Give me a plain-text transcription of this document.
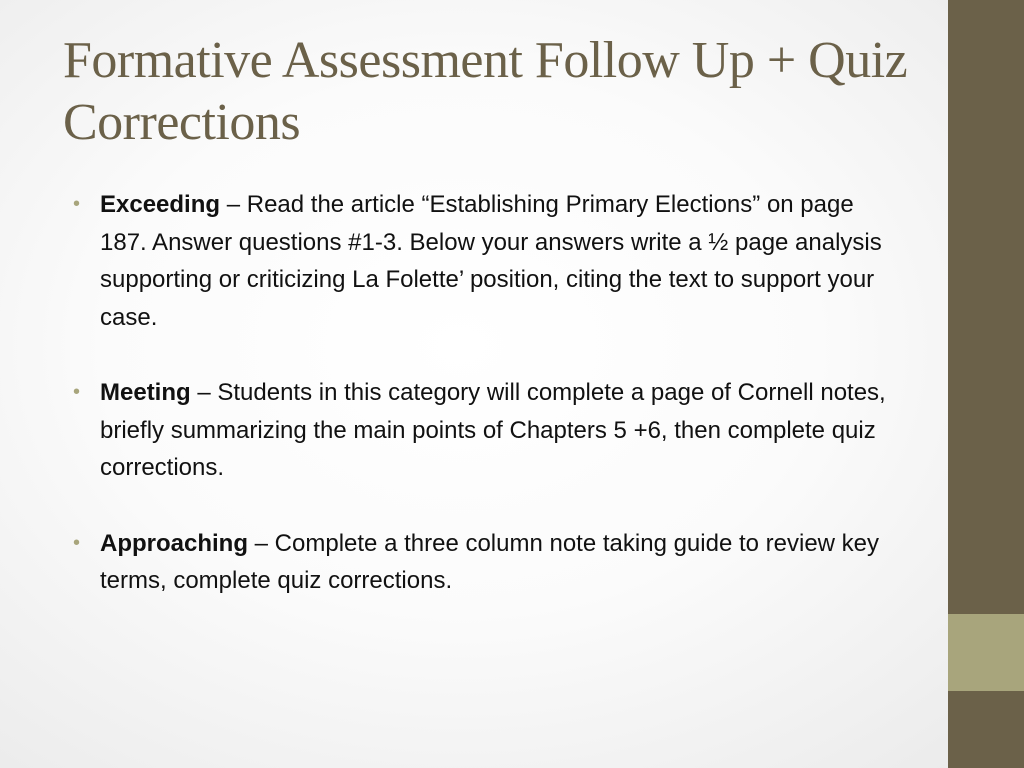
Formative Assessment Follow Up + Quiz Corrections
• Exceeding – Read the article “Establishing Primary Elections” on page 187. Answer questions #1-3. Below your answers write a ½ page analysis supporting or criticizing La Folette’ position, citing the text to support your case.
• Meeting – Students in this category will complete a page of Cornell notes, briefly summarizing the main points of Chapters 5 +6, then complete quiz corrections.
• Approaching – Complete a three column note taking guide to review key terms, complete quiz corrections.
